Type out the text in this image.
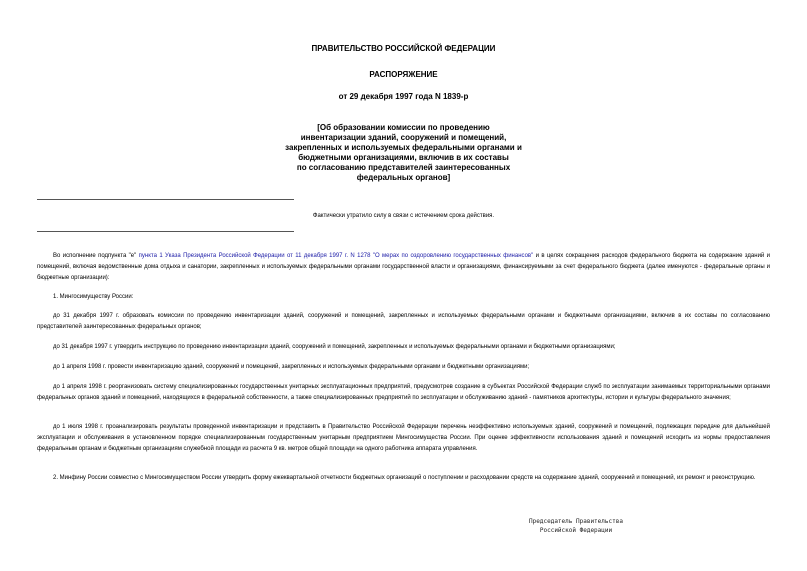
ПРАВИТЕЛЬСТВО РОССИЙСКОЙ ФЕДЕРАЦИИ
РАСПОРЯЖЕНИЕ
от 29 декабря 1997 года N 1839-р
[Об образовании комиссии по проведению
инвентаризации зданий, сооружений и помещений,
закрепленных и используемых федеральными органами и
бюджетными организациями, включив в их составы
по согласованию представителей заинтересованных
федеральных органов]
Фактически утратило силу в связи с истечением срока действия.

Во исполнение подпункта "е" пункта 1 Указа Президента Российской Федерации от 11 декабря 1997 г. N 1278 "О мерах по оздоровлению государственных финансов" и в целях сокращения расходов федерального бюджета на содержание зданий и помещений, включая ведомственные дома отдыха и санатории, закрепленных и используемых федеральными органами государственной власти и организациями, финансируемыми за счет федерального бюджета (далее именуются - федеральные органы и бюджетные организации):

1. Мингосимуществу России:

до 31 декабря 1997 г. образовать комиссии по проведению инвентаризации зданий, сооружений и помещений, закрепленных и используемых федеральными органами и бюджетными организациями, включив в их составы по согласованию представителей заинтересованных федеральных органов;

до 31 декабря 1997 г. утвердить инструкцию по проведению инвентаризации зданий, сооружений и помещений, закрепленных и используемых федеральными органами и бюджетными организациями;

до 1 апреля 1998 г. провести инвентаризацию зданий, сооружений и помещений, закрепленных и используемых федеральными органами и бюджетными организациями;

до 1 апреля 1998 г. реорганизовать систему специализированных государственных унитарных эксплуатационных предприятий, предусмотрев создание в субъектах Российской Федерации служб по эксплуатации занимаемых территориальными органами федеральных органов зданий и помещений, находящихся в федеральной собственности, а также специализированных предприятий по эксплуатации и обслуживанию зданий - памятников архитектуры, истории и культуры федерального значения;

до 1 июля 1998 г. проанализировать результаты проведенной инвентаризации и представить в Правительство Российской Федерации перечень неэффективно используемых зданий, сооружений и помещений, подлежащих передаче для дальнейшей эксплуатации и обслуживания в установленном порядке специализированным государственным унитарным предприятием Мингосимущества России. При оценке эффективности использования зданий и помещений исходить из нормы предоставления федеральным органам и бюджетным организациям служебной площади из расчета 9 кв. метров общей площади на одного работника аппарата управления.

2. Минфину России совместно с Мингосимуществом России утвердить форму ежеквартальной отчетности бюджетных организаций о поступлении и расходовании средств на содержание зданий, сооружений и помещений, их ремонт и реконструкцию.

Председатель Правительства
Российской Федерации
